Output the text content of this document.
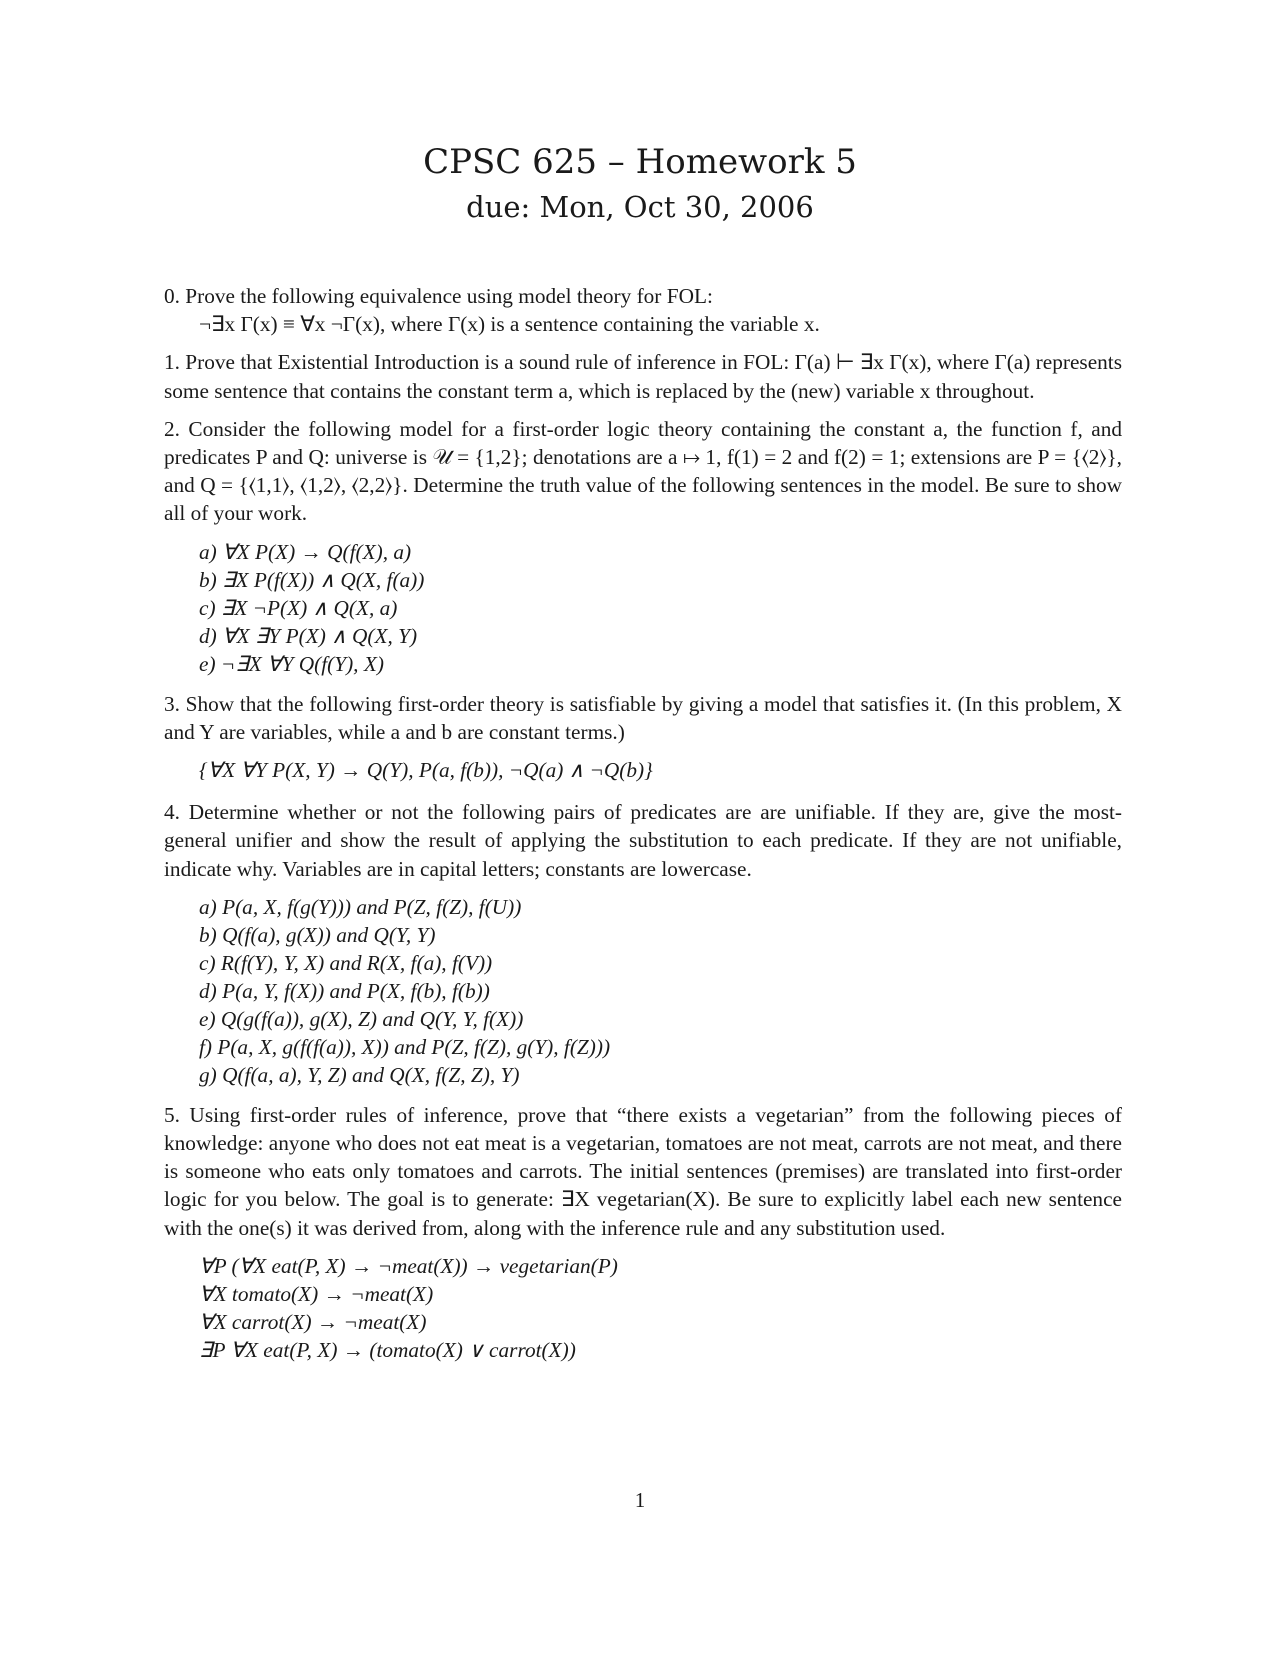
CPSC 625 – Homework 5
due: Mon, Oct 30, 2006
0. Prove the following equivalence using model theory for FOL:
¬∃x Γ(x) ≡ ∀x ¬Γ(x), where Γ(x) is a sentence containing the variable x.
1. Prove that Existential Introduction is a sound rule of inference in FOL: Γ(a) ⊢ ∃x Γ(x), where Γ(a) represents some sentence that contains the constant term a, which is replaced by the (new) variable x throughout.
2. Consider the following model for a first-order logic theory containing the constant a, the function f, and predicates P and Q: universe is 𝒰 = {1,2}; denotations are a ↦ 1, f(1) = 2 and f(2) = 1; extensions are P = {⟨2⟩}, and Q = {⟨1,1⟩, ⟨1,2⟩, ⟨2,2⟩}. Determine the truth value of the following sentences in the model. Be sure to show all of your work.
a) ∀X P(X) → Q(f(X), a)
b) ∃X P(f(X)) ∧ Q(X, f(a))
c) ∃X ¬P(X) ∧ Q(X, a)
d) ∀X ∃Y P(X) ∧ Q(X, Y)
e) ¬∃X ∀Y Q(f(Y), X)
3. Show that the following first-order theory is satisfiable by giving a model that satisfies it. (In this problem, X and Y are variables, while a and b are constant terms.)
{∀X ∀Y P(X, Y) → Q(Y), P(a, f(b)), ¬Q(a) ∧ ¬Q(b)}
4. Determine whether or not the following pairs of predicates are are unifiable. If they are, give the most-general unifier and show the result of applying the substitution to each predicate. If they are not unifiable, indicate why. Variables are in capital letters; constants are lowercase.
a) P(a, X, f(g(Y))) and P(Z, f(Z), f(U))
b) Q(f(a), g(X)) and Q(Y, Y)
c) R(f(Y), Y, X) and R(X, f(a), f(V))
d) P(a, Y, f(X)) and P(X, f(b), f(b))
e) Q(g(f(a)), g(X), Z) and Q(Y, Y, f(X))
f) P(a, X, g(f(f(a)), X)) and P(Z, f(Z), g(Y), f(Z)))
g) Q(f(a, a), Y, Z) and Q(X, f(Z, Z), Y)
5. Using first-order rules of inference, prove that “there exists a vegetarian” from the following pieces of knowledge: anyone who does not eat meat is a vegetarian, tomatoes are not meat, carrots are not meat, and there is someone who eats only tomatoes and carrots. The initial sentences (premises) are translated into first-order logic for you below. The goal is to generate: ∃X vegetarian(X). Be sure to explicitly label each new sentence with the one(s) it was derived from, along with the inference rule and any substitution used.
∀P (∀X eat(P, X) → ¬meat(X)) → vegetarian(P)
∀X tomato(X) → ¬meat(X)
∀X carrot(X) → ¬meat(X)
∃P ∀X eat(P, X) → (tomato(X) ∨ carrot(X))
1
